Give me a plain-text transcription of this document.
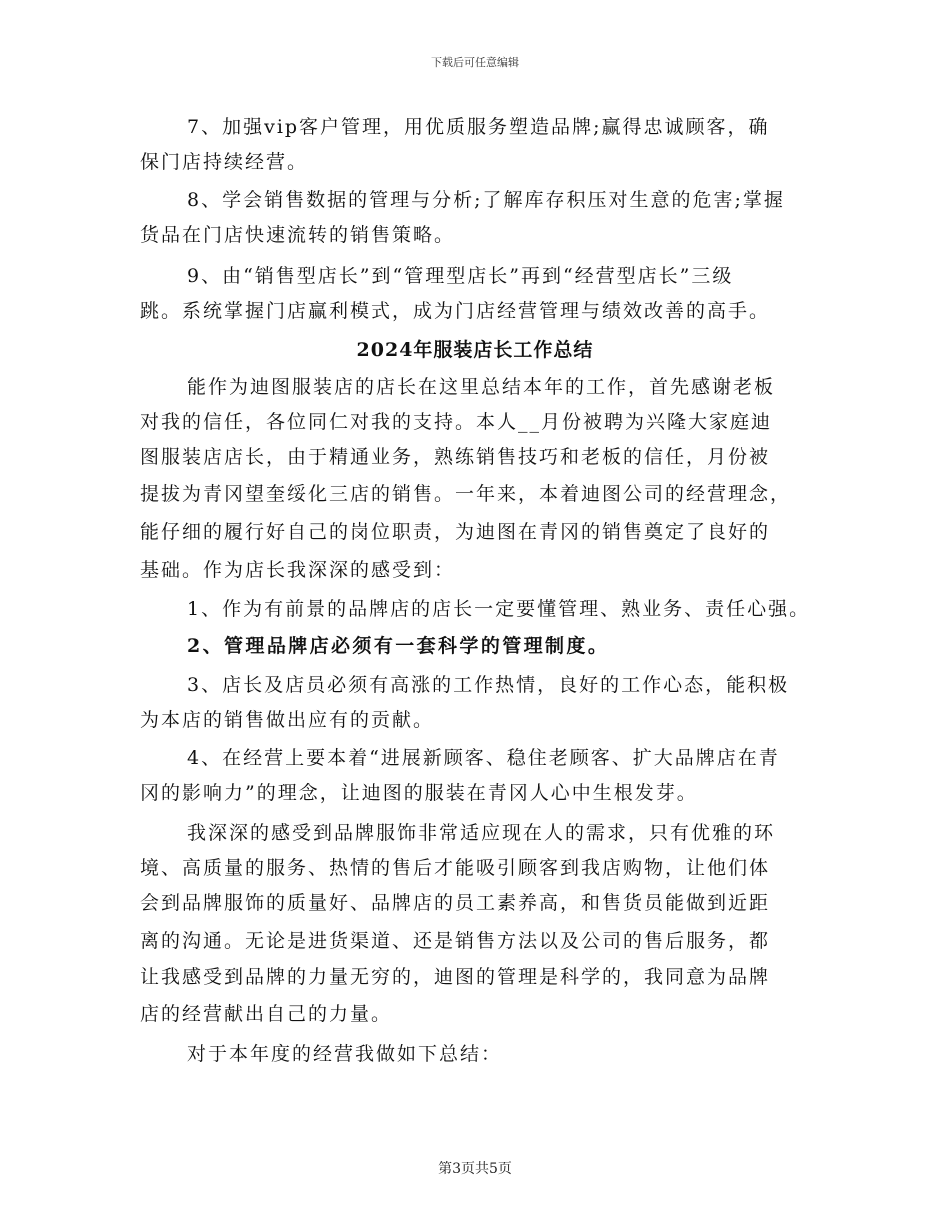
下载后可任意编辑
7、加强vip客户管理，用优质服务塑造品牌;赢得忠诚顾客，确
保门店持续经营。
8、学会销售数据的管理与分析;了解库存积压对生意的危害;掌握
货品在门店快速流转的销售策略。
9、由“销售型店长”到“管理型店长”再到“经营型店长”三级
跳。系统掌握门店赢利模式，成为门店经营管理与绩效改善的高手。
2024年服装店长工作总结
能作为迪图服装店的店长在这里总结本年的工作，首先感谢老板
对我的信任，各位同仁对我的支持。本人__月份被聘为兴隆大家庭迪
图服装店店长，由于精通业务，熟练销售技巧和老板的信任，月份被
提拔为青冈望奎绥化三店的销售。一年来，本着迪图公司的经营理念，
能仔细的履行好自己的岗位职责，为迪图在青冈的销售奠定了良好的
基础。作为店长我深深的感受到：
1、作为有前景的品牌店的店长一定要懂管理、熟业务、责任心强。
2、管理品牌店必须有一套科学的管理制度。
3、店长及店员必须有高涨的工作热情，良好的工作心态，能积极
为本店的销售做出应有的贡献。
4、在经营上要本着“进展新顾客、稳住老顾客、扩大品牌店在青
冈的影响力”的理念，让迪图的服装在青冈人心中生根发芽。
我深深的感受到品牌服饰非常适应现在人的需求，只有优雅的环
境、高质量的服务、热情的售后才能吸引顾客到我店购物，让他们体
会到品牌服饰的质量好、品牌店的员工素养高，和售货员能做到近距
离的沟通。无论是进货渠道、还是销售方法以及公司的售后服务，都
让我感受到品牌的力量无穷的，迪图的管理是科学的，我同意为品牌
店的经营献出自己的力量。
对于本年度的经营我做如下总结：
第3页共5页
